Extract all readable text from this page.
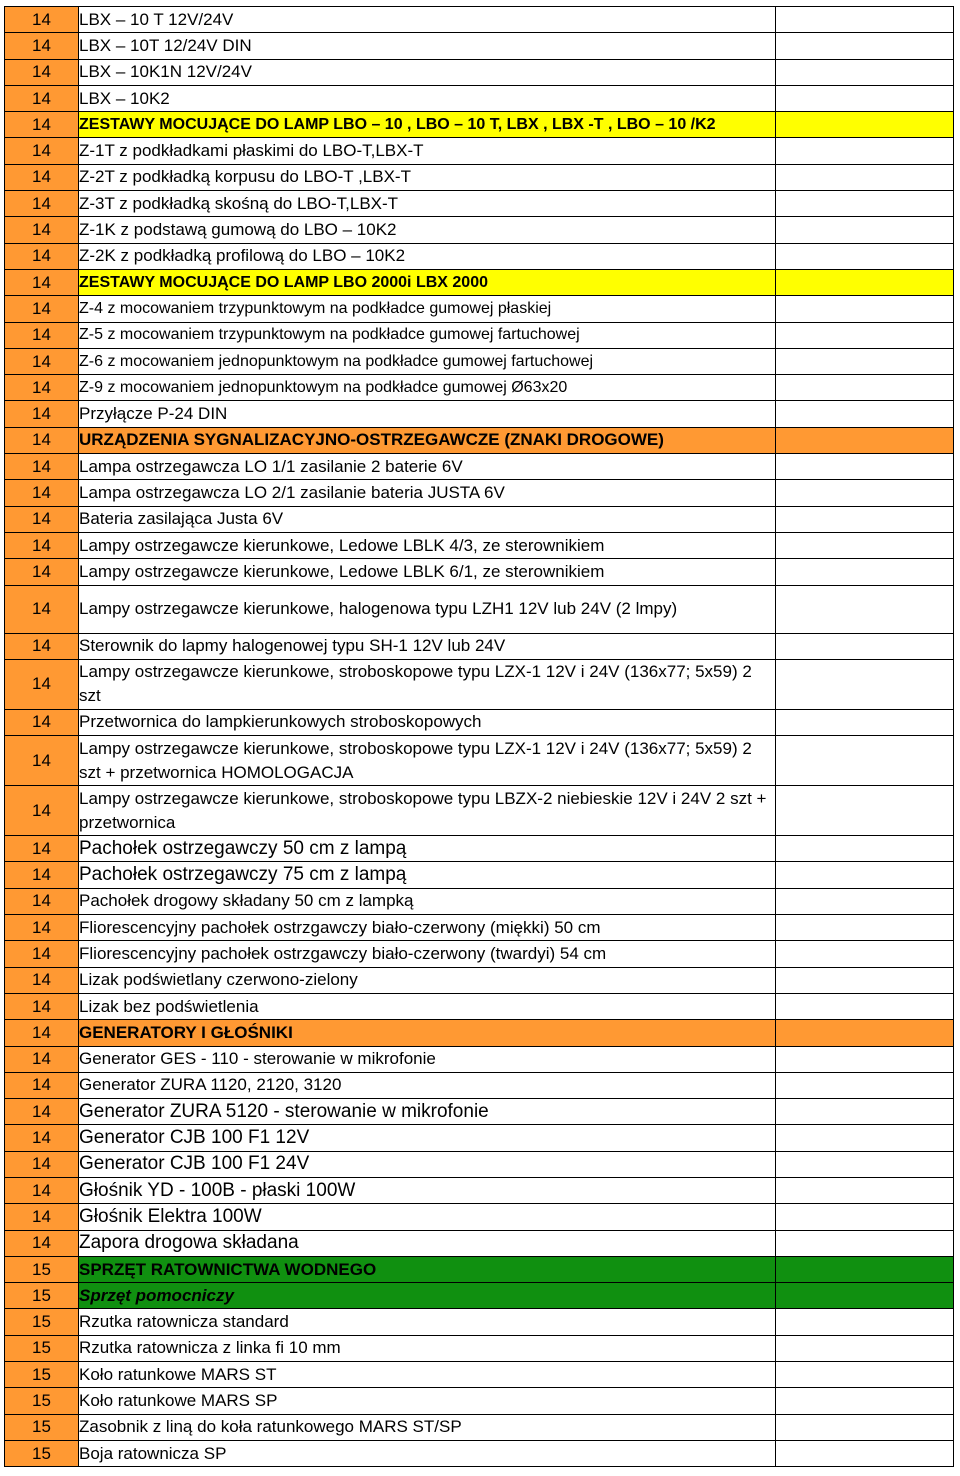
14	LBX – 10 T 12V/24V	
14	LBX – 10T 12/24V DIN	
14	LBX – 10K1N 12V/24V	
14	LBX – 10K2	
14	ZESTAWY MOCUJĄCE DO LAMP LBO – 10 , LBO – 10 T, LBX , LBX -T , LBO – 10 /K2	
14	Z-1T z podkładkami płaskimi do LBO-T,LBX-T	
14	Z-2T z podkładką korpusu do LBO-T ,LBX-T	
14	Z-3T z podkładką skośną do LBO-T,LBX-T	
14	Z-1K z podstawą gumową do LBO – 10K2	
14	Z-2K z podkładką profilową do LBO – 10K2	
14	ZESTAWY MOCUJĄCE DO LAMP LBO 2000i LBX 2000	
14	Z-4 z mocowaniem trzypunktowym na podkładce gumowej płaskiej	
14	Z-5 z mocowaniem trzypunktowym na podkładce gumowej fartuchowej	
14	Z-6 z mocowaniem jednopunktowym na podkładce gumowej fartuchowej	
14	Z-9 z mocowaniem jednopunktowym na podkładce gumowej Ø63x20	
14	Przyłącze P-24 DIN	
14	URZĄDZENIA SYGNALIZACYJNO-OSTRZEGAWCZE (ZNAKI DROGOWE)	
14	Lampa ostrzegawcza LO 1/1 zasilanie 2 baterie 6V	
14	Lampa ostrzegawcza LO 2/1 zasilanie bateria JUSTA 6V	
14	Bateria zasilająca Justa 6V	
14	Lampy ostrzegawcze kierunkowe, Ledowe LBLK 4/3, ze sterownikiem	
14	Lampy ostrzegawcze kierunkowe, Ledowe LBLK 6/1, ze sterownikiem	
14	Lampy ostrzegawcze kierunkowe, halogenowa typu LZH1 12V lub 24V (2 lmpy)	
14	Sterownik do lapmy halogenowej typu SH-1 12V lub 24V	
14	Lampy ostrzegawcze kierunkowe, stroboskopowe typu LZX-1 12V i 24V (136x77; 5x59) 2 szt	
14	Przetwornica do lampkierunkowych stroboskopowych	
14	Lampy ostrzegawcze kierunkowe, stroboskopowe typu LZX-1 12V i 24V (136x77; 5x59) 2 szt + przetwornica HOMOLOGACJA	
14	Lampy ostrzegawcze kierunkowe, stroboskopowe typu LBZX-2 niebieskie 12V i 24V 2 szt + przetwornica	
14	Pachołek ostrzegawczy 50 cm z lampą	
14	Pachołek ostrzegawczy 75 cm z lampą	
14	Pachołek drogowy składany 50 cm z lampką	
14	Fliorescencyjny pachołek ostrzgawczy biało-czerwony (miękki) 50 cm	
14	Fliorescencyjny pachołek ostrzgawczy biało-czerwony (twardyi) 54 cm	
14	Lizak podświetlany czerwono-zielony	
14	Lizak bez podświetlenia	
14	GENERATORY I GŁOŚNIKI	
14	Generator GES - 110 - sterowanie w mikrofonie	
14	Generator ZURA 1120, 2120, 3120	
14	Generator ZURA 5120 - sterowanie w mikrofonie	
14	Generator CJB 100 F1 12V	
14	Generator CJB 100 F1 24V	
14	Głośnik YD - 100B - płaski 100W	
14	Głośnik Elektra 100W	
14	Zapora drogowa składana	
15	SPRZĘT RATOWNICTWA WODNEGO	
15	Sprzęt pomocniczy	
15	Rzutka ratownicza standard	
15	Rzutka ratownicza z linka fi 10 mm	
15	Koło ratunkowe MARS ST	
15	Koło ratunkowe MARS SP	
15	Zasobnik z liną do koła ratunkowego MARS ST/SP	
15	Boja ratownicza SP	
